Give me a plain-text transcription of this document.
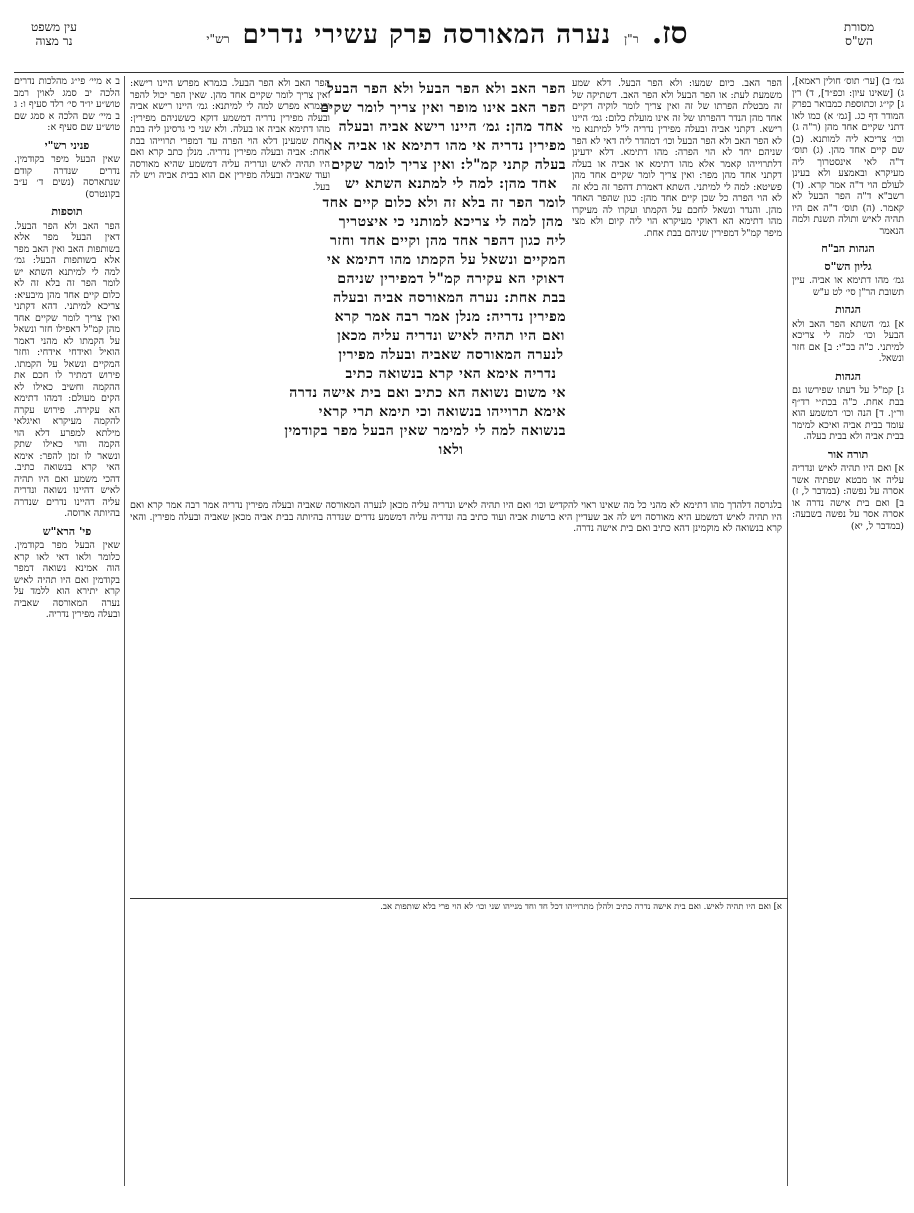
מסורת
הש"ס
סז. ר"ן נערה המאורסה פרק עשירי נדרים רש"י
עין משפט
נר מצוה
גמ׳ ב) [ער׳ תוס׳ חולין ראמא], ג) [שאינו עיון: וכפ״ד], ד) רין ג] קי״ג וכתוספת כמבואר בפרק המודר דף כג. [גמ׳ א) כמו לאו דתני שקיים אחד מהן (ר"ה ג) וכו׳ צריכא ליה למותנא. (ב) שם קיים אחד מהן. (ג) תוס׳ ד"ה לאי אינסטרוך ליה מעיקרא ובאמצע ולא בעינן לעולם הוי ד"ה אמר קרא. (ד) רשב"א ד"ה הפר הבעל לא קאמר. (ה) תוס׳ ד"ה אם היו תהיה לאיש ותולה תשנת ולמה הנאמר
הגהות הב"ח
גליון הש"ס
גמ׳ מהו דתימא או אביה. עיין תשובת הר"ן סי׳ לט ע"ש
הגהות
א] גמ׳ השתא הפר האב ולא הבעל וכו׳ למה לי צריכא למיתני. כ"ה בכ"י: ב] אם חזר ונשאל.
הגהות
ג] קמ"ל על דעתו שפירשו גם בבת אחת. כ"ה בכת״י רד״ף ור״ן. ד] הנה וכו׳ דמשמע הוא עומד בבית אביה ואיכא למימר בבית אביה ולא בבית בעלה.
תורה אור
א] ואם היו תהיה לאיש ונדריה עליה או מבטא שפתיה אשר אסרה על נפשה: (במדבר ל, ז) ב] ואם בית אישה נדרה או אסרה אסר על נפשה בשבעה: (במדבר ל, יא)
הפר האב. כיום שמעו: ולא הפר הבעל. דלא שמע משמעת לעת: או הפר הבעל ולא הפר האב. דשתיקה של זה מבטלת הפרתו של זה ואין צריך לומר לוקיה דקיים אחד מהן הנדר דהפרתו של זה אינו מועלת כלום: גמ׳ היינו רישא. דקתני אביה ובעלה מפירין נדריה ל"ל למיתנא מי לא הפר האב ולא הפר הבעל וכו׳ דמהדר ליה דאי לא הפר שניהם יחד לא הוי הפרה: מהו דתימא. דלא ידעינן דלתרוייהו קאמר אלא מהו דתימא או אביה או בעלה דקתני אחד מהן מפר: ואין צריך לומר שקיים אחד מהן פשיטא: למה לי למיתני. השתא דאמרת דהפר זה בלא זה לא הוי הפרה כל שכן קיים אחד מהן: כגון שהפר האחד מהן. והנדר ונשאל לחכם על הקמתו ועקרו לה מעיקרו מהו דתימא הא דאוקי מעיקרא הוי ליה קיום ולא מצי מיפר קמ"ל דמפירין שניהם בבת אחת.
הפר האב ולא הפר הבעל ולא הפר הבעל
הפר האב אינו מופר ואין צריך לומר שקים
אחד מהן: גמ׳ היינו רישא אביה ובעלה
מפירין נדריה אי מהו דתימא או אביה או
בעלה קתני קמ"ל: ואין צריך לומר שקים
אחד מהן: למה לי למתנא השתא יש
לומר הפר זה בלא זה ולא כלום קיים אחד
מהן למה לי צריכא למותני כי איצטריך
ליה כגון דהפר אחד מהן וקיים אחד וחזר
המקיים ונשאל על הקמתו מהו דתימא אי
דאוקי הא עקירה קמ"ל דמפירין שניהם
בבת אחת: נערה המאורסה אביה ובעלה
מפירין נדריה: מנלן אמר רבה אמר קרא
ואם היו תהיה לאיש ונדריה עליה מכאן
לנערה המאורסה שאביה ובעלה מפירין
נדריה אימא האי קרא בנשואה כתיב
אי משום נשואה הא כתיב ואם בית אישה נדרה
אימא תרוייהו בנשואה וכי תימא תרי קראי
בנשואה למה לי למימר שאין הבעל מפר בקודמין
ולאו
הפר האב ולא הפר הבעל. בגמרא מפרש היינו רישא: ואין צריך לומר שקיים אחד מהן. שאין הפר יכול להפר ובגמרא מפרש למה לי למיתנא: גמ׳ היינו רישא אביה ובעלה מפירין נדריה דמשמע דוקא כששניהם מפירין: מהו דתימא אביה או בעלה. ולא שני כי גרסינן ליה בבת אחת שמעינן דלא הוי הפרה עד דמפרי תרוייהו בבת אחת: אביה ובעלה מפירין נדריה. מנלן כתב קרא ואם היו תהיה לאיש ונדריה עליה דמשמע שהיא מאורסה ועוד שאביה ובעלה מפירין אם הוא בבית אביה ויש לה בעל.
בלגרסה דלהדך מהו דתימא לא מהני כל מה שאינו ראוי להקדיש וכו׳ ואם היו תהיה לאיש ונדריה עליה מכאן לנערה המאורסה שאביה ובעלה מפירין נדריה אמר רבה אמר קרא ואם היו תהיה לאיש דמשמע היא מאורסה ויש לה אב שעדיין היא ברשות אביה ועוד כתיב בה ונדריה עליה דמשמע נדרים שנדרה בהיותה בבית אביה מכאן שאביה ובעלה מפירין. והאי קרא בנשואה לא מוקמינן דהא כתיב ואם בית אישה נדרה.
ב א מיי׳ פי״ג מהלכות נדרים הלכה יב סמג לאוין רמב טוש״ע יו״ד סי׳ רלד סעיף ו: ג ב מיי׳ שם הלכה א סמג שם טוש״ע שם סעיף א:
פניני רש"י
שאין הבעל מיפר בקודמין. נדרים שנדרה קודם שנתארסה (נשים ד׳ ע״ב בקונטרס)
תוספות
הפר האב ולא הפר הבעל. דאין הבעל מפר אלא בשותפות האב ואין האב מפר אלא בשותפות הבעל: גמ׳ למה לי למיתנא השתא יש לומר הפר זה בלא זה לא כלום קיים אחד מהן מיבעיא: צריכא למיתני. דהא דקתני ואין צריך לומר שקיים אחד מהן קמ"ל דאפילו חזר ונשאל על הקמתו לא מהני דאמר הואיל ואידחי אידחי: וחזר המקיים ונשאל על הקמתו. פירוש דמתיר לו חכם את ההקמה וחשיב כאילו לא הקים מעולם: דמהו דתימא הא עקירה. פירוש עקרה להקמה מעיקרא ואיגלאי מילתא למפרע דלא הוי הקמה והוי כאילו שתק ונשאר לו זמן להפר: אימא האי קרא בנשואה כתיב. דהכי משמע ואם היו תהיה לאיש דהיינו נשואה ונדריה עליה דהיינו נדרים שנדרה בהיותה ארוסה.
פי' הרא"ש
שאין הבעל מפר בקודמין. כלומר ולאו דאי לאו קרא הוה אמינא נשואה דמפר בקודמין ואם היו תהיה לאיש קרא יתירא הוא ללמד על נערה המאורסה שאביה ובעלה מפירין נדריה.
א] ואם היו תהיה לאיש. ואם בית אישה נדרה כתיב ולהלן מתרוייהו דכל חד וחד מנייהו שני וכו׳ לא הוי פרי בלא שותפות אב.
